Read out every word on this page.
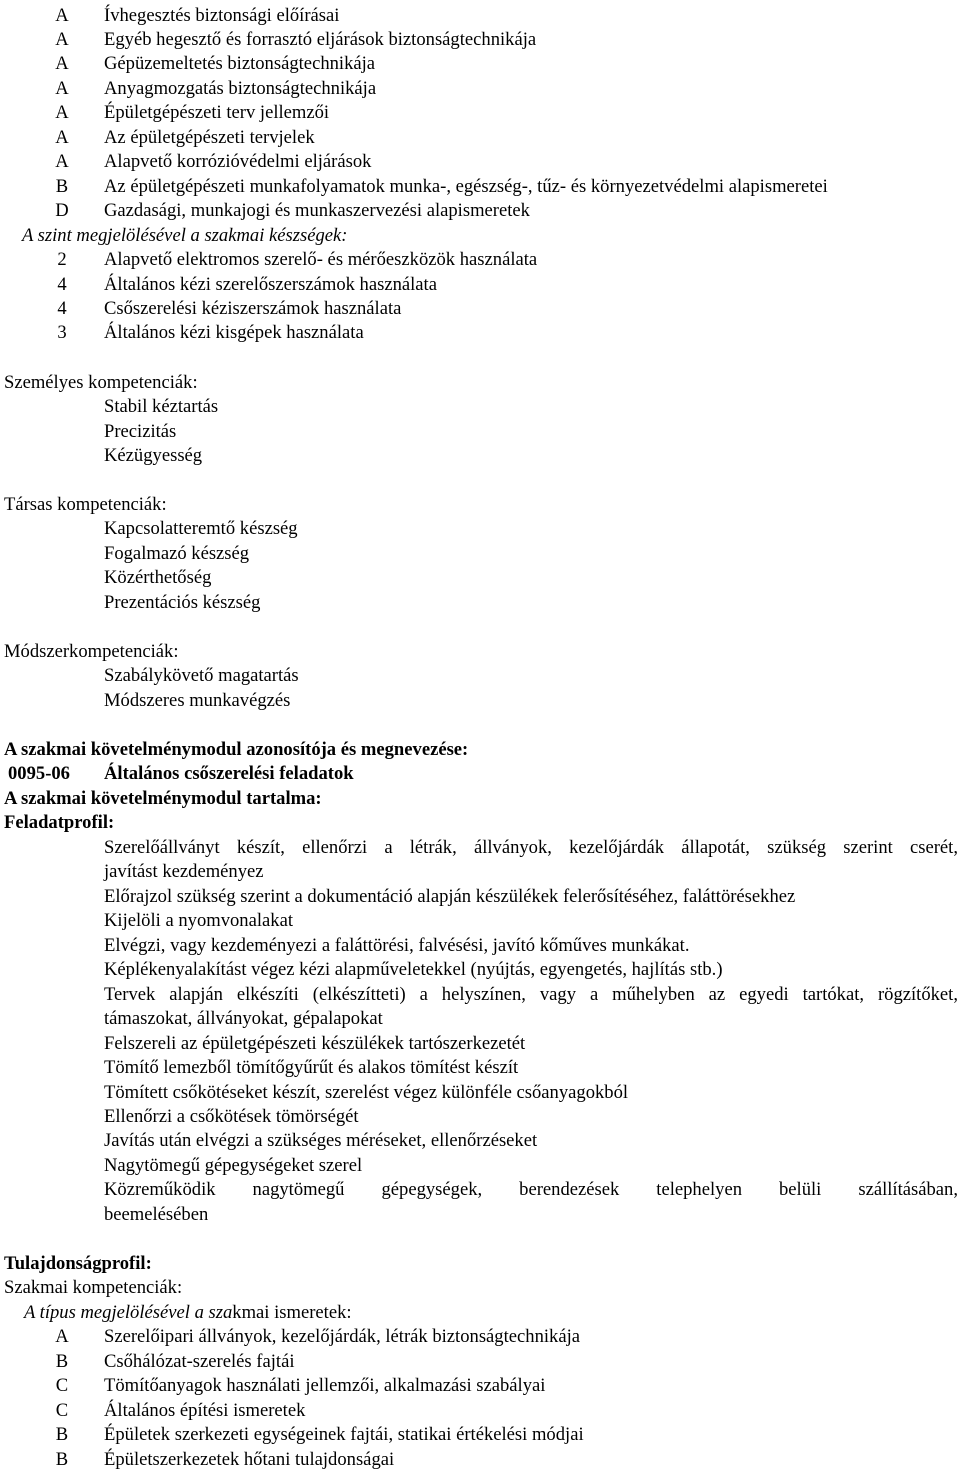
A Ívhegesztés biztonsági előírásai
A Egyéb hegesztő és forrasztó eljárások biztonságtechnikája
A Gépüzemeltetés biztonságtechnikája
A Anyagmozgatás biztonságtechnikája
A Épületgépészeti terv jellemzői
A Az épületgépészeti tervjelek
A Alapvető korrózióvédelmi eljárások
B Az épületgépészeti munkafolyamatok munka-, egészség-, tűz- és környezetvédelmi alapismeretei
D Gazdasági, munkajogi és munkaszervezési alapismeretek
A szint megjelölésével a szakmai készségek:
2 Alapvető elektromos szerelő- és mérőeszközök használata
4 Általános kézi szerelőszerszámok használata
4 Csőszerelési kéziszerszámok használata
3 Általános kézi kisgépek használata
Személyes kompetenciák:
Stabil kéztartás
Precizitás
Kézügyesség
Társas kompetenciák:
Kapcsolatteremtő készség
Fogalmazó készség
Közérthetőség
Prezentációs készség
Módszerkompetenciák:
Szabálykövető magatartás
Módszeres munkavégzés
A szakmai követelménymodul azonosítója és megnevezése:
0095-06 Általános csőszerelési feladatok
A szakmai követelménymodul tartalma:
Feladatprofil:
Szerelőállványt készít, ellenőrzi a létrák, állványok, kezelőjárdák állapotát, szükség szerint cserét,
javítást kezdeményez
Előrajzol szükség szerint a dokumentáció alapján készülékek felerősítéséhez, faláttörésekhez
Kijelöli a nyomvonalakat
Elvégzi, vagy kezdeményezi a faláttörési, falvésési, javító kőműves munkákat.
Képlékenyalakítást végez kézi alapműveletekkel (nyújtás, egyengetés, hajlítás stb.)
Tervek alapján elkészíti (elkészítteti) a helyszínen, vagy a műhelyben az egyedi tartókat, rögzítőket,
támaszokat, állványokat, gépalapokat
Felszereli az épületgépészeti készülékek tartószerkezetét
Tömítő lemezből tömítőgyűrűt és alakos tömítést készít
Tömített csőkötéseket készít, szerelést végez különféle csőanyagokból
Ellenőrzi a csőkötések tömörségét
Javítás után elvégzi a szükséges méréseket, ellenőrzéseket
Nagytömegű gépegységeket szerel
Közreműködik nagytömegű gépegységek, berendezések telephelyen belüli szállításában,
beemelésében
Tulajdonságprofil:
Szakmai kompetenciák:
A típus megjelölésével a szakmai ismeretek:
A Szerelőipari állványok, kezelőjárdák, létrák biztonságtechnikája
B Csőhálózat-szerelés fajtái
C Tömítőanyagok használati jellemzői, alkalmazási szabályai
C Általános építési ismeretek
B Épületek szerkezeti egységeinek fajtái, statikai értékelési módjai
B Épületszerkezetek hőtani tulajdonságai
